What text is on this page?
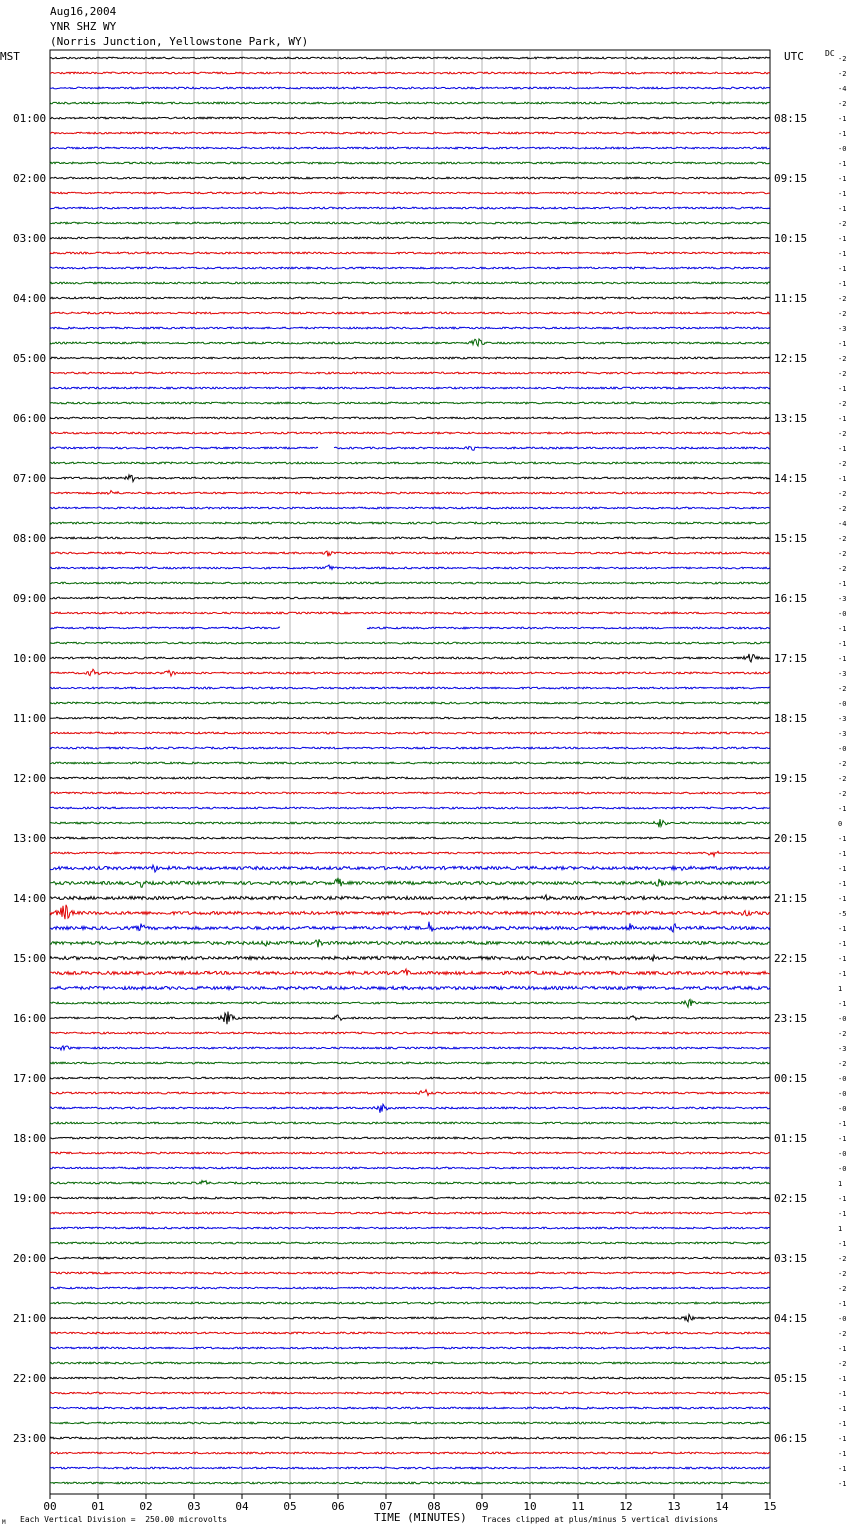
Aug16,2004
YNR SHZ WY
(Norris Junction, Yellowstone Park, WY)
MST	UTC	DC
-2
-2
-4
-2
-1
-1
-0
-1
-1
-1
-1
-2
-1
-1
-1
-1
-2
-2
-3
-1
-2
-2
-1
-2
-1
-2
-1
-2
-1
-2
-2
-4
-2
-2
-2
-1
-3
-0
-1
-1
-1
-3
-2
-0
-3
-3
-0
-2
-2
-2
-1
0
-1
-1
-1
-1
-1
-5
-1
-1
-1
-1
1
-1
-0
-2
-3
-2
-0
-0
-0
-1
-1
-0
-0
1
-1
-1
1
-1
-2
-2
-2
-1
-0
-2
-1
-2
-1
-1
-1
-1
-1
-1
-1
-1
01:00	08:15
02:00	09:15
03:00	10:15
04:00	11:15
05:00	12:15
06:00	13:15
07:00	14:15
08:00	15:15
09:00	16:15
10:00	17:15
11:00	18:15
12:00	19:15
13:00	20:15
14:00	21:15
15:00	22:15
16:00	23:15
17:00	00:15
18:00	01:15
19:00	02:15
20:00	03:15
21:00	04:15
22:00	05:15
23:00	06:15
00	01	02	03	04	05	06	07	08	09	10	11	12	13	14	15
M Each Vertical Division =  250.00 microvolts	TIME (MINUTES) Traces clipped at plus/minus 5 vertical divisions
